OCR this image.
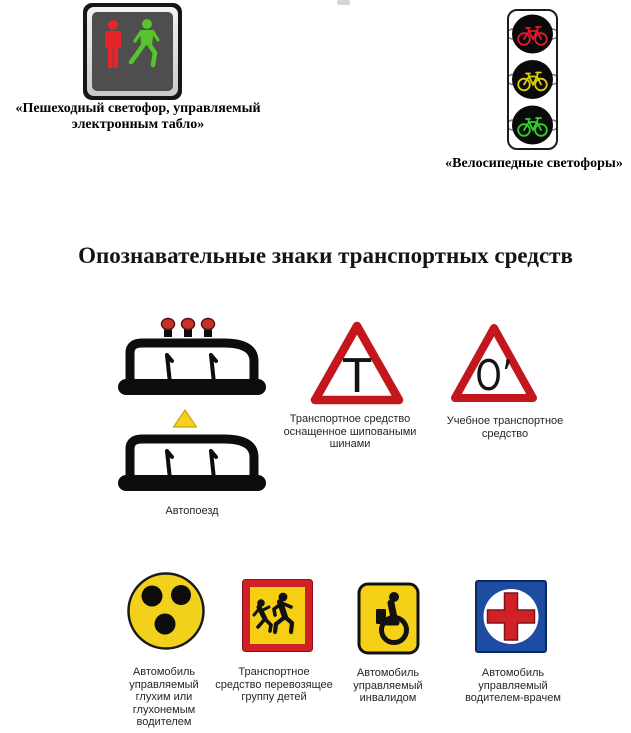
«Пешеходный светофор, управляемый
электронным табло»
«Велосипедные светофоры»
Опознавательные знаки транспортных средств
Автопоезд
Т
Транспортное средство
оснащенное шиповаными
шинами
O’
Учебное транспортное
средство
Автомобиль
управляемый
глухим или
глухонемым
водителем
Транспортное
средство перевозящее
группу детей
Автомобиль
управляемый
инвалидом
Автомобиль
управляемый
водителем-врачем
